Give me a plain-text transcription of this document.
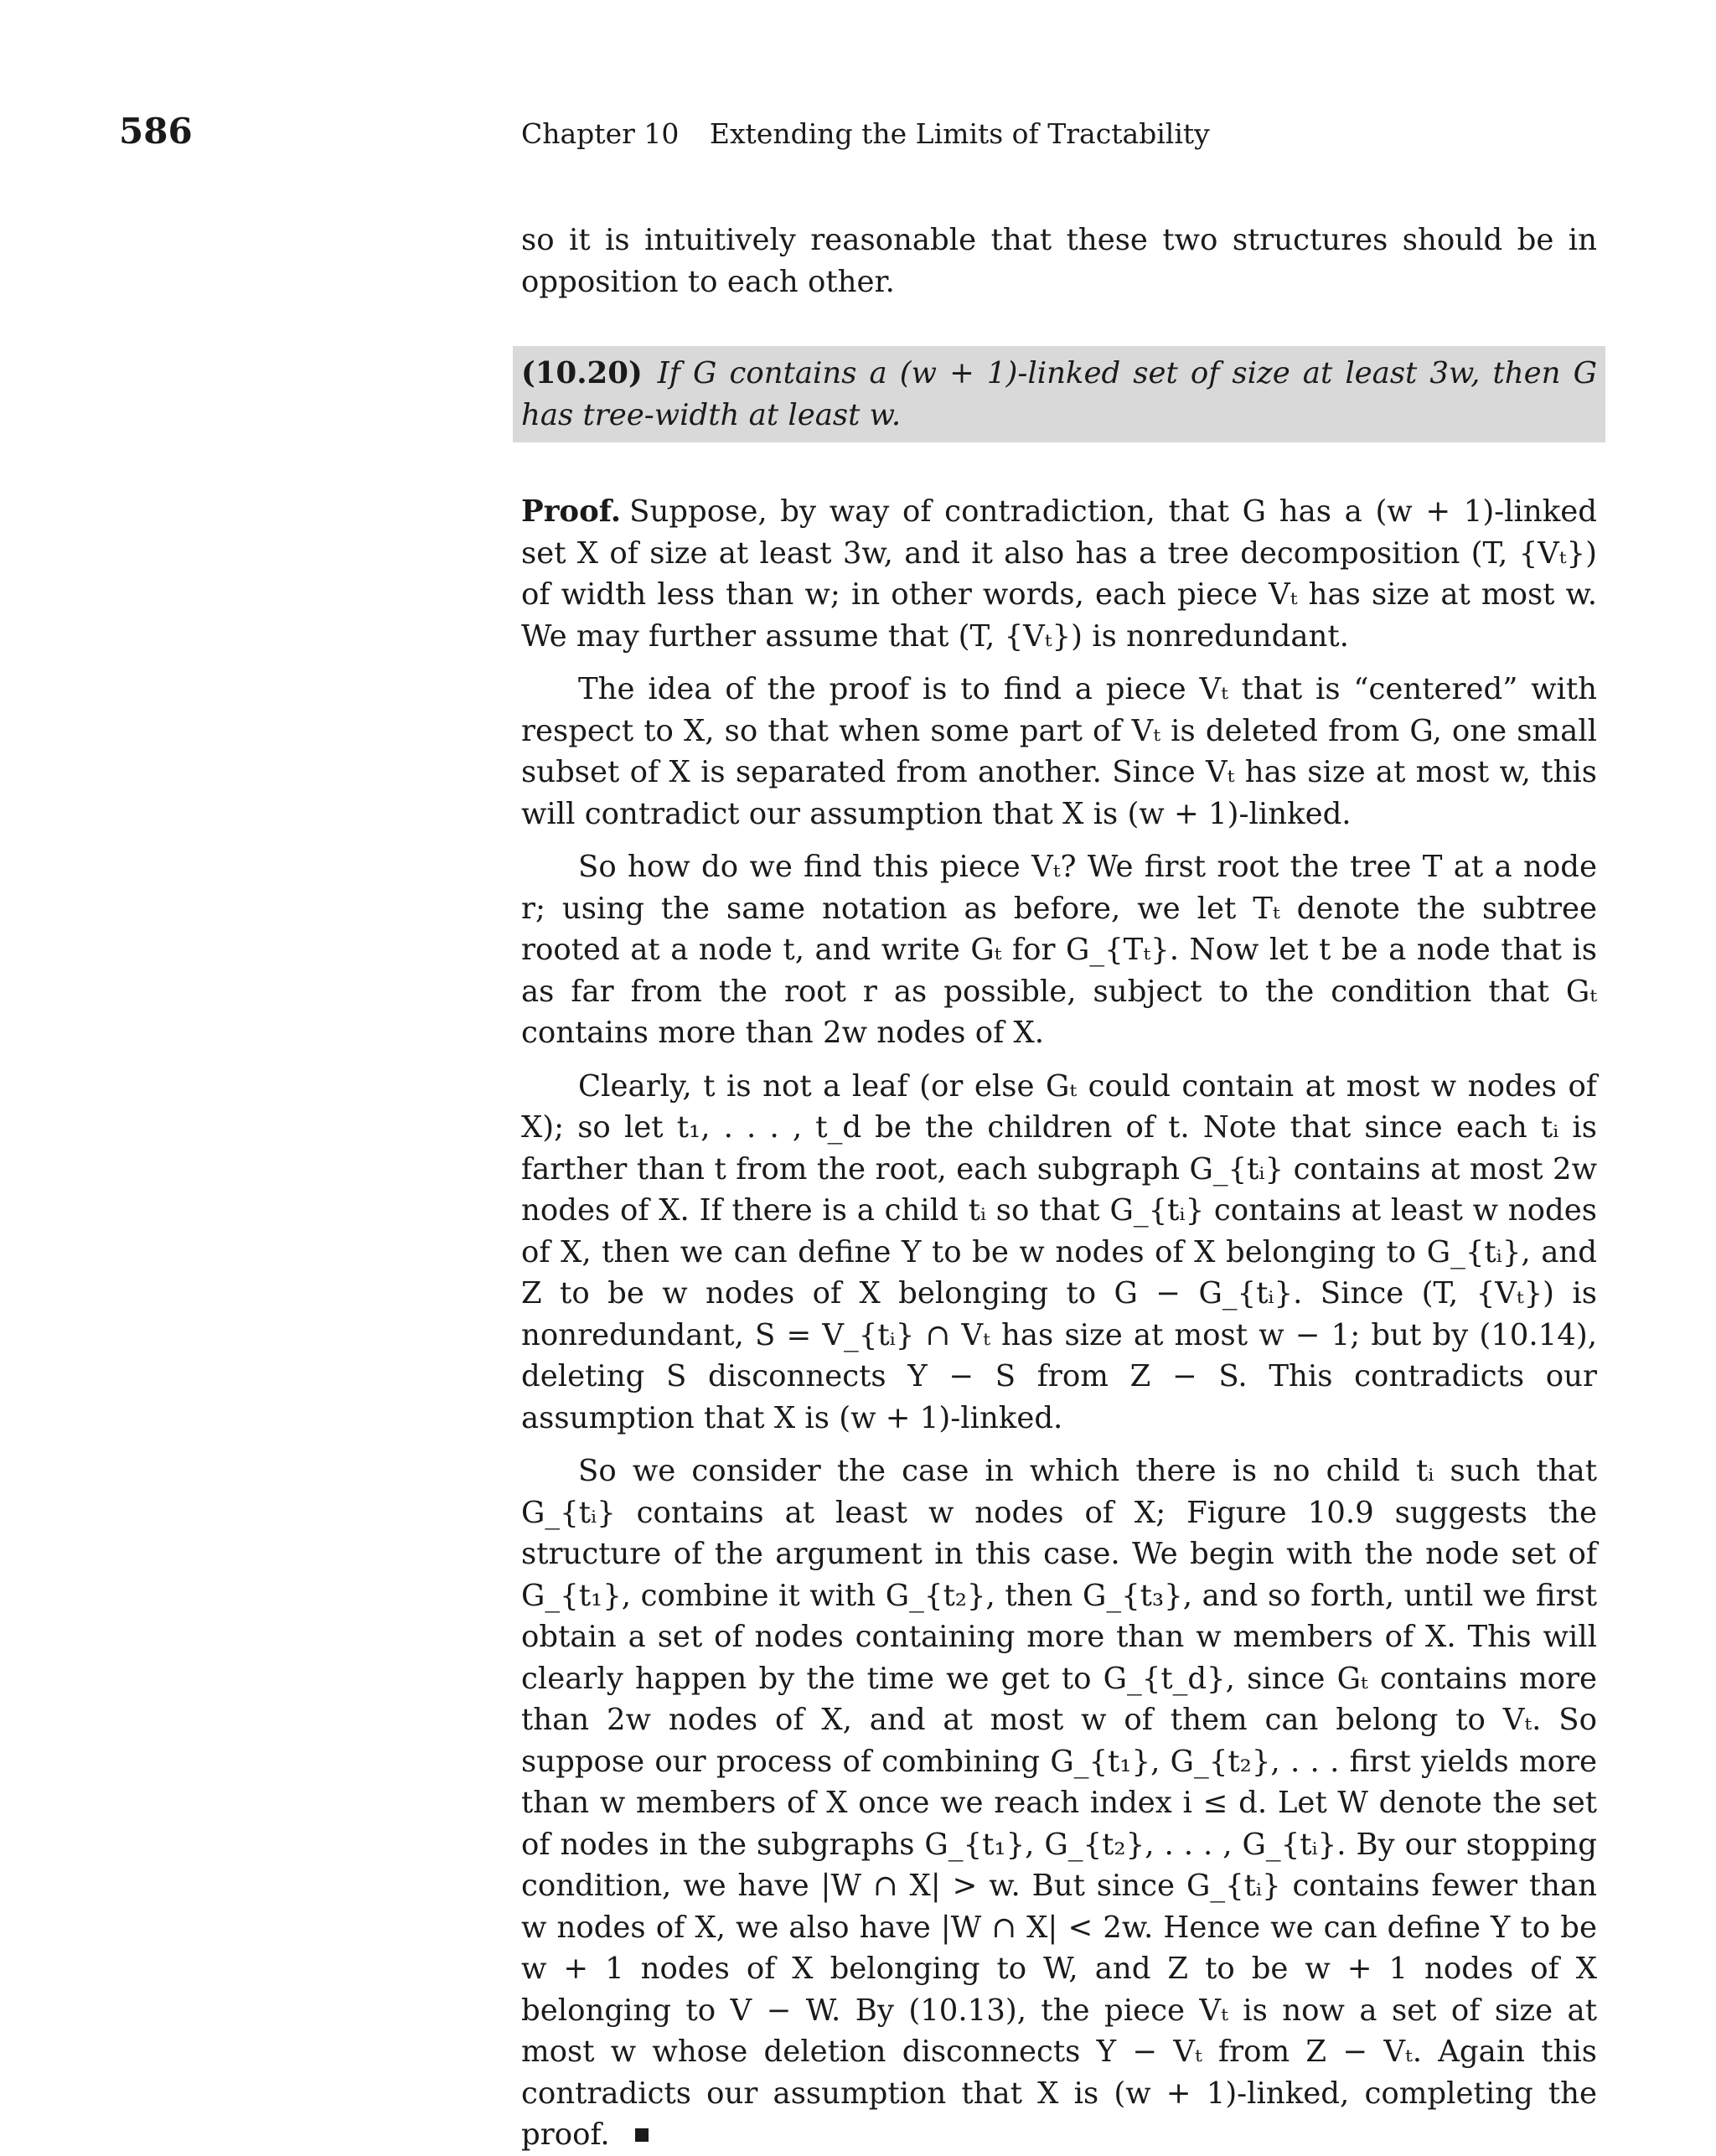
586	Chapter 10 Extending the Limits of Tractability

so it is intuitively reasonable that these two structures should be in opposition to each other.

(10.20) If G contains a (w + 1)-linked set of size at least 3w, then G has tree-width at least w.

Proof. Suppose, by way of contradiction, that G has a (w + 1)-linked set X of size at least 3w, and it also has a tree decomposition (T, {Vₜ}) of width less than w; in other words, each piece Vₜ has size at most w. We may further assume that (T, {Vₜ}) is nonredundant.

The idea of the proof is to find a piece Vₜ that is “centered” with respect to X, so that when some part of Vₜ is deleted from G, one small subset of X is separated from another. Since Vₜ has size at most w, this will contradict our assumption that X is (w + 1)-linked.

So how do we find this piece Vₜ? We first root the tree T at a node r; using the same notation as before, we let Tₜ denote the subtree rooted at a node t, and write Gₜ for G_{Tₜ}. Now let t be a node that is as far from the root r as possible, subject to the condition that Gₜ contains more than 2w nodes of X.

Clearly, t is not a leaf (or else Gₜ could contain at most w nodes of X); so let t₁, . . . , t_d be the children of t. Note that since each tᵢ is farther than t from the root, each subgraph G_{tᵢ} contains at most 2w nodes of X. If there is a child tᵢ so that G_{tᵢ} contains at least w nodes of X, then we can define Y to be w nodes of X belonging to G_{tᵢ}, and Z to be w nodes of X belonging to G − G_{tᵢ}. Since (T, {Vₜ}) is nonredundant, S = V_{tᵢ} ∩ Vₜ has size at most w − 1; but by (10.14), deleting S disconnects Y − S from Z − S. This contradicts our assumption that X is (w + 1)-linked.

So we consider the case in which there is no child tᵢ such that G_{tᵢ} contains at least w nodes of X; Figure 10.9 suggests the structure of the argument in this case. We begin with the node set of G_{t₁}, combine it with G_{t₂}, then G_{t₃}, and so forth, until we first obtain a set of nodes containing more than w members of X. This will clearly happen by the time we get to G_{t_d}, since Gₜ contains more than 2w nodes of X, and at most w of them can belong to Vₜ. So suppose our process of combining G_{t₁}, G_{t₂}, . . . first yields more than w members of X once we reach index i ≤ d. Let W denote the set of nodes in the subgraphs G_{t₁}, G_{t₂}, . . . , G_{tᵢ}. By our stopping condition, we have |W ∩ X| > w. But since G_{tᵢ} contains fewer than w nodes of X, we also have |W ∩ X| < 2w. Hence we can define Y to be w + 1 nodes of X belonging to W, and Z to be w + 1 nodes of X belonging to V − W. By (10.13), the piece Vₜ is now a set of size at most w whose deletion disconnects Y − Vₜ from Z − Vₜ. Again this contradicts our assumption that X is (w + 1)-linked, completing the proof.
